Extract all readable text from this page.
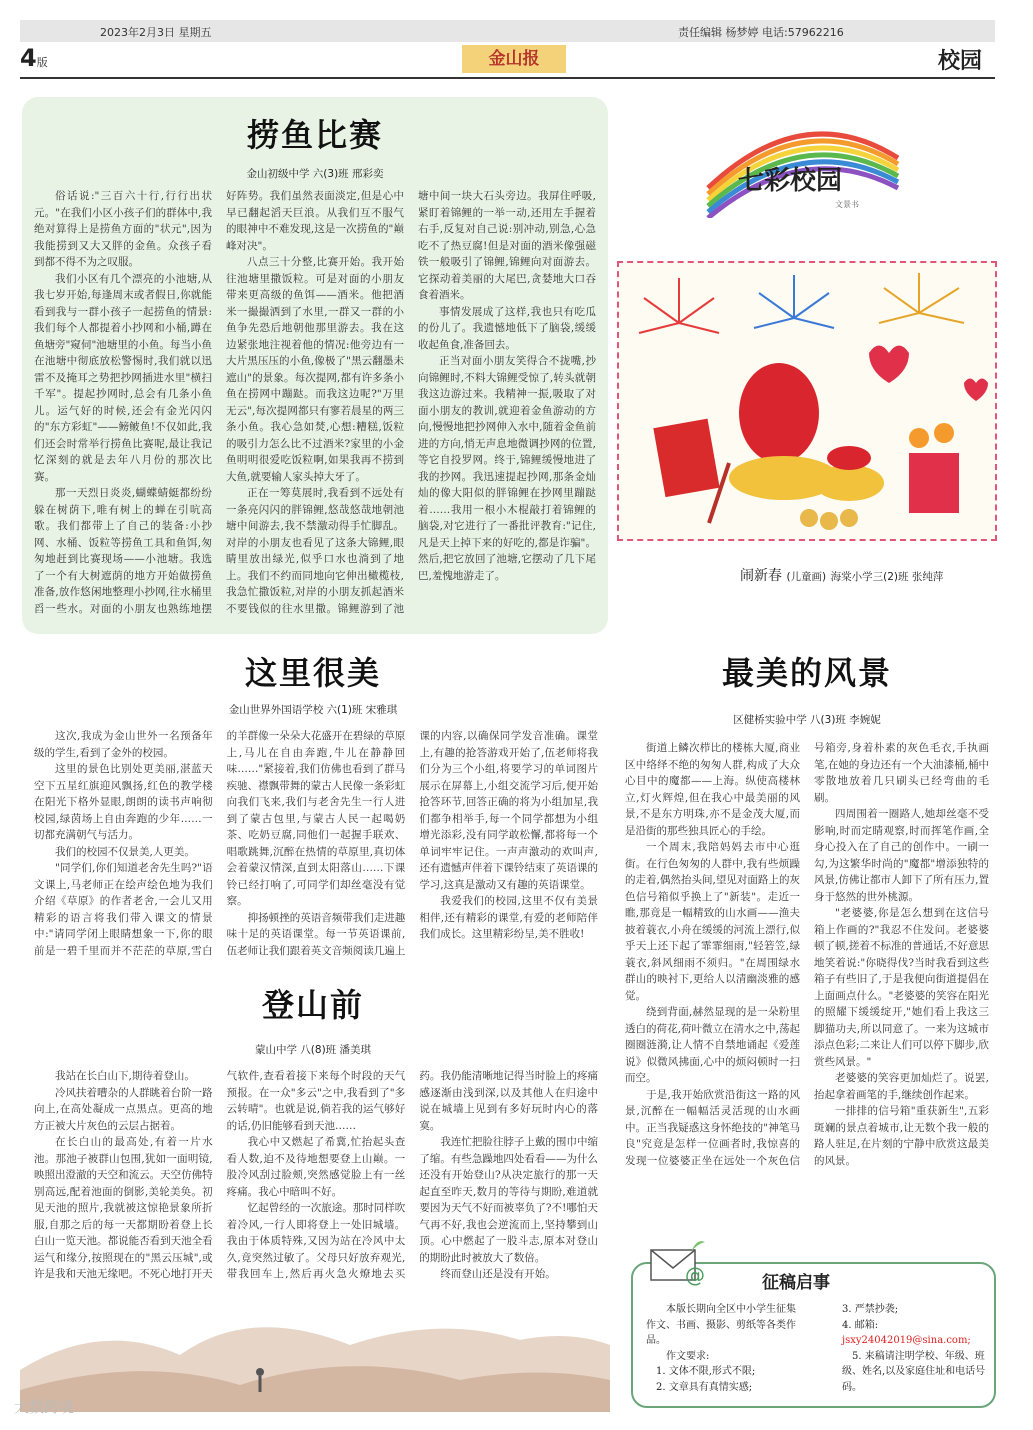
2023年2月3日 星期五	责任编辑 杨梦婷 电话:57962216
4版	金山报	校园
捞鱼比赛
金山初级中学 六(3)班 邢彩奕

俗话说:"三百六十行,行行出状元。"在我们小区小孩子们的群体中,我绝对算得上是捞鱼方面的"状元",因为我能捞到又大又胖的金鱼。众孩子看到都不得不为之叹服。

我们小区有几个漂亮的小池塘,从我七岁开始,每逢周末或者假日,你就能看到我与一群小孩子一起捞鱼的情景:我们每个人都提着小抄网和小桶,蹲在鱼塘旁"窥伺"池塘里的小鱼。每当小鱼在池塘中彻底放松警惕时,我们就以迅雷不及掩耳之势把抄网插进水里"横扫千军"。提起抄网时,总会有几条小鱼儿。运气好的时候,还会有金光闪闪的"东方彩虹"——鳑鲏鱼!不仅如此,我们还会时常举行捞鱼比赛呢,最让我记忆深刻的就是去年八月份的那次比赛。

那一天烈日炎炎,蝴蝶蜻蜓都纷纷躲在树荫下,唯有树上的蝉在引吭高歌。我们都带上了自己的装备:小抄网、水桶、饭粒等捞鱼工具和鱼饵,匆匆地赶到比赛现场——小池塘。我选了一个有大树遮荫的地方开始做捞鱼准备,放作悠闲地整理小抄网,往水桶里舀一些水。对面的小朋友也熟练地摆好阵势。我们虽然表面淡定,但是心中早已翻起滔天巨浪。从我们互不服气的眼神中不难发现,这是一次捞鱼的"巅峰对决"。

八点三十分整,比赛开始。我开始往池塘里撒饭粒。可是对面的小朋友带来更高级的鱼饵——酒米。他把酒米一撮撮洒到了水里,一群又一群的小鱼争先恐后地朝他那里游去。我在这边紧张地注视着他的情况:他旁边有一大片黑压压的小鱼,像极了"黑云翻墨未遮山"的景象。每次提网,都有许多条小鱼在捞网中蹦跶。而我这边呢?"万里无云",每次提网都只有寥若晨星的两三条小鱼。我心急如焚,心想:糟糕,饭粒的吸引力怎么比不过酒米?家里的小金鱼明明很爱吃饭粒啊,如果我再不捞到大鱼,就要输人家头掉大牙了。

正在一筹莫展时,我看到不远处有一条亮闪闪的胖锦鲤,悠哉悠哉地朝池塘中间游去,我不禁激动得手忙脚乱。对岸的小朋友也看见了这条大锦鲤,眼睛里放出绿光,似乎口水也淌到了地上。我们不约而同地向它伸出橄榄枝,我急忙撒饭粒,对岸的小朋友抓起酒米不要钱似的往水里撒。锦鲤游到了池塘中间一块大石头旁边。我屏住呼吸,紧盯着锦鲤的一举一动,还用左手握着右手,反复对自己说:别冲动,别急,心急吃不了热豆腐!但是对面的酒米像强磁铁一般吸引了锦鲤,锦鲤向对面游去。它探动着美丽的大尾巴,贪婪地大口吞食着酒米。

事情发展成了这样,我也只有吃瓜的份儿了。我遗憾地低下了脑袋,缓缓收起鱼食,准备回去。

正当对面小朋友笑得合不拢嘴,抄向锦鲤时,不料大锦鲤受惊了,转头就朝我这边游过来。我精神一振,吸取了对面小朋友的教训,就迎着金鱼游动的方向,慢慢地把抄网伸入水中,随着金鱼前进的方向,悄无声息地微调抄网的位置,等它自投罗网。终于,锦鲤缓慢地进了我的抄网。我迅速提起抄网,那条金灿灿的像大阳似的胖锦鲤在抄网里蹦跶着……我用一根小木棍敲打着锦鲤的脑袋,对它进行了一番批评教育:"记住,凡是天上掉下来的好吃的,都是诈骗"。然后,把它放回了池塘,它摆动了几下尾巴,羞愧地游走了。

七彩校园
文景书
闹新春 (儿童画) 海棠小学三(2)班 张纯萍
这里很美
金山世界外国语学校 六(1)班 宋雅琪

这次,我成为金山世外一名预备年级的学生,看到了金外的校园。

这里的景色比别处更美丽,湛蓝天空下五星红旗迎风飘扬,红色的教学楼在阳光下格外显眼,朗朗的读书声响彻校园,绿茵场上自由奔跑的少年……一切都充满朝气与活力。

我们的校园不仅景美,人更美。

"同学们,你们知道老舍先生吗?"语文课上,马老师正在绘声绘色地为我们介绍《草原》的作者老舍,一会儿又用精彩的语言将我们带入课文的情景中:"请同学闭上眼睛想象一下,你的眼前是一碧千里而并不茫茫的草原,雪白的羊群像一朵朵大花盛开在碧绿的草原上,马儿在自由奔跑,牛儿在静静回味……"紧接着,我们仿佛也看到了群马疾驰、襟飘带舞的蒙古人民像一条彩虹向我们飞来,我们与老舍先生一行人进到了蒙古包里,与蒙古人民一起喝奶茶、吃奶豆腐,同他们一起握手联欢、唱歌跳舞,沉醉在热情的草原里,真切体会着蒙汉情深,直到太阳落山……下课铃已经打响了,可同学们却丝毫没有觉察。

抑扬顿挫的英语音频带我们走进趣味十足的英语课堂。每一节英语课前,伍老师让我们跟着英文音频阅读几遍上课的内容,以确保同学发音准确。课堂上,有趣的抢答游戏开始了,伍老师将我们分为三个小组,将要学习的单词图片展示在屏幕上,小组交流学习后,便开始抢答环节,回答正确的将为小组加星,我们都争相举手,每一个同学都想为小组增光添彩,没有同学敢松懈,都将每一个单词牢牢记住。一声声激动的欢叫声,还有遗憾声伴着下课铃结束了英语课的学习,这真是激动又有趣的英语课堂。

我爱我们的校园,这里不仅有美景相伴,还有精彩的课堂,有爱的老师陪伴我们成长。这里精彩纷呈,美不胜收!

登山前
蒙山中学 八(8)班 潘美琪

我站在长白山下,期待着登山。

冷风扶着嘈杂的人群眺着台阶一路向上,在高处凝成一点黑点。更高的地方正被大片灰色的云层占据着。

在长白山的最高处,有着一片水池。那池子被群山包围,犹如一面明镜,映照出澄澈的天空和流云。天空仿佛特别高远,配着池面的倒影,美轮美奂。初见天池的照片,我就被这惊艳景象所折服,自那之后的每一天都期盼着登上长白山一览天池。都说能否看到天池全看运气和缘分,按照现在的"黑云压城",或许是我和天池无缘吧。不死心地打开天气软件,查看着接下来每个时段的天气预报。在一众"多云"之中,我看到了"多云转晴"。也就是说,倘若我的运气够好的话,仍旧能够看到天池……

我心中又燃起了希冀,忙抬起头查看人数,迫不及待地想要登上山巅。一股冷风刮过脸颊,突然感觉脸上有一丝疼痛。我心中暗叫不好。

忆起曾经的一次旅途。那时同样吹着冷风,一行人即将登上一处旧城墙。我由于体质特殊,又因为站在冷风中太久,竟突然过敏了。父母只好放弃观光,带我回车上,然后再火急火燎地去买药。我仍能清晰地记得当时脸上的疼痛感逐渐由浅到深,以及其他人在归途中说在城墙上见到有多好玩时内心的落寞。

我连忙把脸往脖子上戴的围巾中缩了缩。有些急躁地四处看看——为什么还没有开始登山?从决定旅行的那一天起直至昨天,数月的等待与期盼,难道就要因为天气不好而被辜负了?不!哪怕天气再不好,我也会逆流而上,坚持攀到山顶。心中燃起了一股斗志,原本对登山的期盼此时被放大了数倍。

终而登山还是没有开始。

最美的风景
区健桥实验中学 八(3)班 李婉妮

街道上鳞次栉比的楼栋大厦,商业区中络绎不绝的匆匆人群,构成了大众心目中的魔都——上海。纵使高楼林立,灯火辉煌,但在我心中最美丽的风景,不是东方明珠,亦不是金茂大厦,而是沿街的那些独具匠心的手绘。

一个周末,我陪妈妈去市中心逛街。在行色匆匆的人群中,我有些烦躁的走着,偶然抬头间,望见对面路上的灰色信号箱似乎换上了"新装"。走近一瞧,那竟是一幅精致的山水画——渔夫披着蓑衣,小舟在缓缓的河流上漂行,似乎天上还下起了霏霏细雨,"轻箬笠,绿蓑衣,斜风细雨不须归。"在周围绿水群山的映衬下,更给人以清幽淡雅的感觉。

绕到背面,赫然显现的是一朵粉里透白的荷花,荷叶微立在清水之中,荡起圈圈涟漪,让人情不自禁地诵起《爱莲说》似微风拂面,心中的烦闷顿时一扫而空。

于是,我开始欣赏沿街这一路的风景,沉醉在一幅幅活灵活现的山水画中。正当我疑惑这身怀绝技的"神笔马良"究竟是怎样一位画者时,我惊喜的发现一位婆婆正坐在远处一个灰色信号箱旁,身着朴素的灰色毛衣,手执画笔,在她的身边还有一个大油漆桶,桶中零散地放着几只刷头已经弯曲的毛刷。

四周围着一圈路人,她却丝毫不受影响,时而定睛观察,时而挥笔作画,全身心投入在了自己的创作中。一刷一勾,为这繁华时尚的"魔都"增添独特的风景,仿佛让都市人卸下了所有压力,置身于悠然的世外桃源。

"老婆婆,你是怎么想到在这信号箱上作画的?"我忍不住发问。老婆婆顿了顿,搓着不标准的普通话,不好意思地笑着说:"你晓得伐?当时我看到这些箱子有些旧了,于是我便向街道提倡在上面画点什么。"老婆婆的笑容在阳光的照耀下缓缓绽开,"她们看上我这三脚猫功夫,所以同意了。一来为这城市添点色彩;二来让人们可以停下脚步,欣赏些风景。"

老婆婆的笑容更加灿烂了。说罢,抬起拿着画笔的手,继续创作起来。

一排排的信号箱"重获新生",五彩斑斓的景点着城市,让无数个我一般的路人驻足,在片刻的宁静中欣赏这最美的风景。

@	征稿启事

本版长期向全区中小学生征集作文、书画、摄影、剪纸等各类作品。

作文要求:

1. 文体不限,形式不限;

2. 文章具有真情实感;

3. 严禁抄袭;

4. 邮箱:

jsxy24042019@sina.com;

5. 来稿请注明学校、年级、班级、姓名,以及家庭住址和电话号码。

大数跨境
